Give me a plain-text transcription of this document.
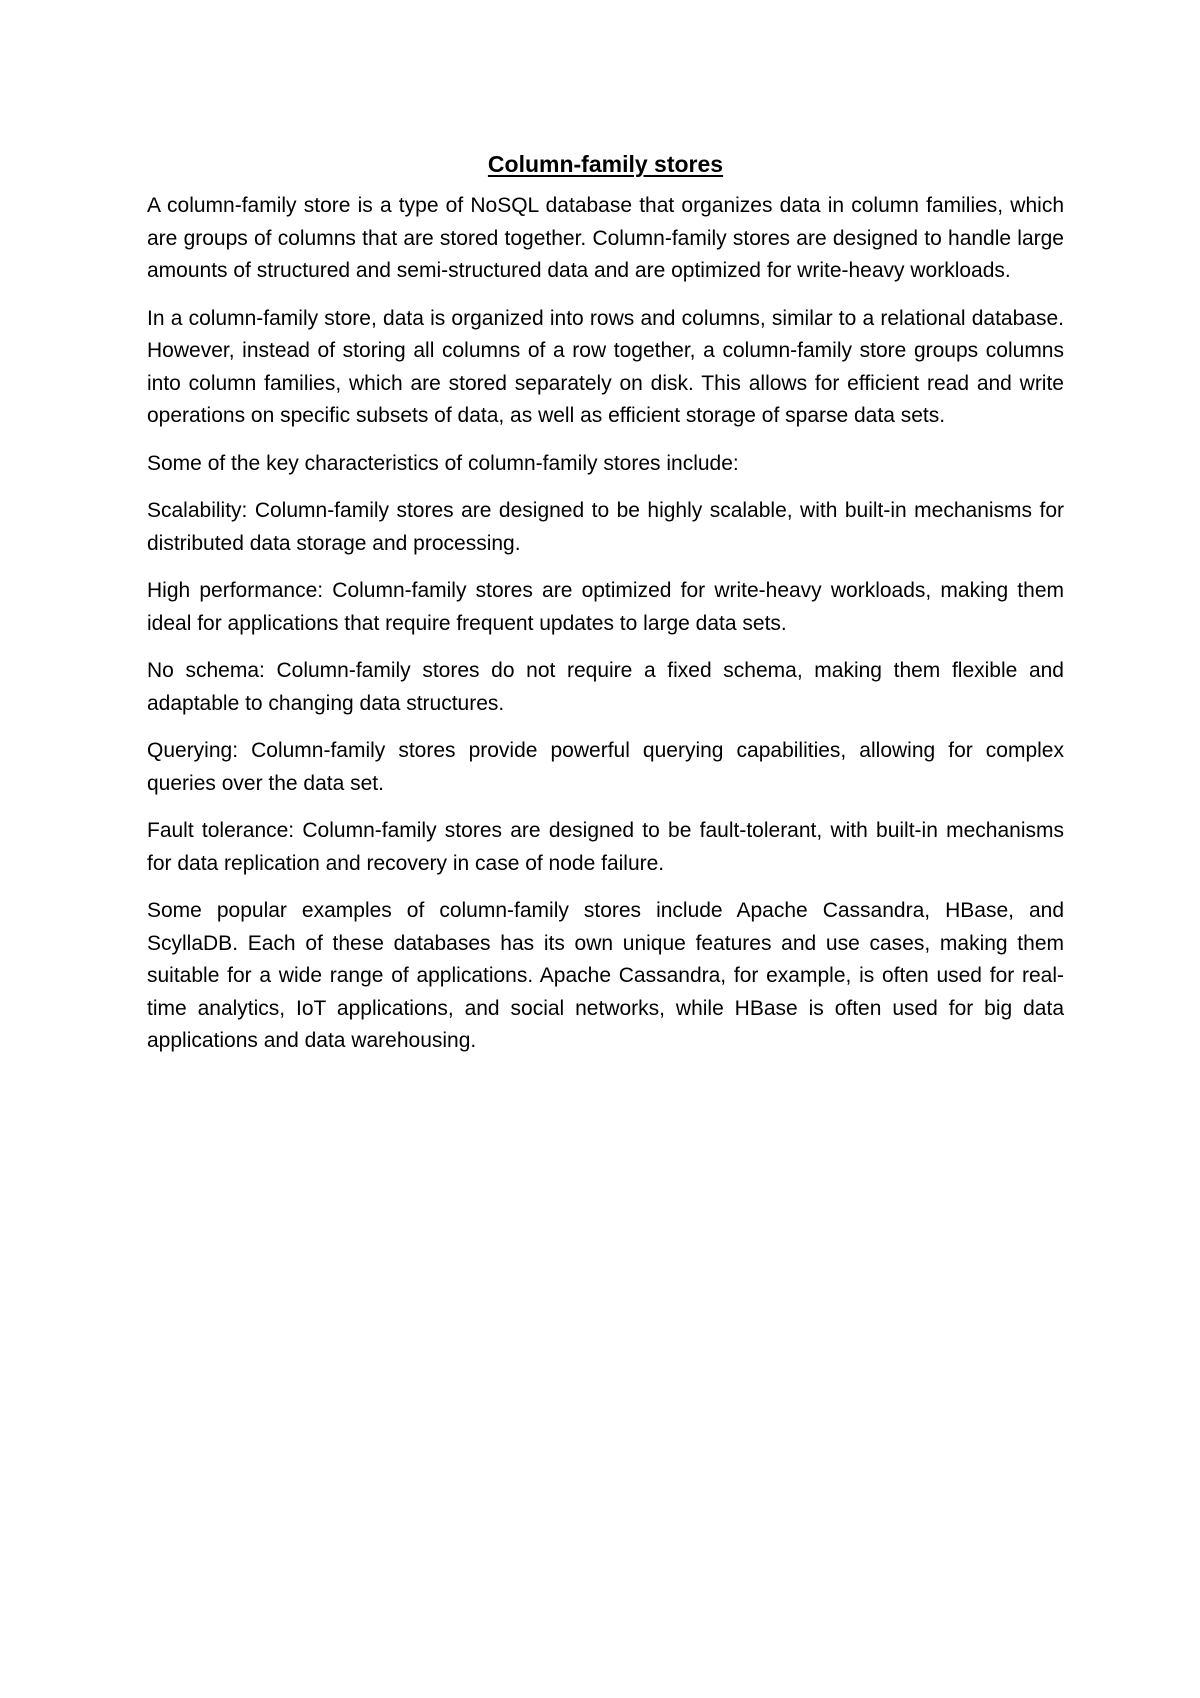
Column-family stores

A column-family store is a type of NoSQL database that organizes data in column families, which are groups of columns that are stored together. Column-family stores are designed to handle large amounts of structured and semi-structured data and are optimized for write-heavy workloads.

In a column-family store, data is organized into rows and columns, similar to a relational database. However, instead of storing all columns of a row together, a column-family store groups columns into column families, which are stored separately on disk. This allows for efficient read and write operations on specific subsets of data, as well as efficient storage of sparse data sets.

Some of the key characteristics of column-family stores include:

Scalability: Column-family stores are designed to be highly scalable, with built-in mechanisms for distributed data storage and processing.

High performance: Column-family stores are optimized for write-heavy workloads, making them ideal for applications that require frequent updates to large data sets.

No schema: Column-family stores do not require a fixed schema, making them flexible and adaptable to changing data structures.

Querying: Column-family stores provide powerful querying capabilities, allowing for complex queries over the data set.

Fault tolerance: Column-family stores are designed to be fault-tolerant, with built-in mechanisms for data replication and recovery in case of node failure.

Some popular examples of column-family stores include Apache Cassandra, HBase, and ScyllaDB. Each of these databases has its own unique features and use cases, making them suitable for a wide range of applications. Apache Cassandra, for example, is often used for real-time analytics, IoT applications, and social networks, while HBase is often used for big data applications and data warehousing.
